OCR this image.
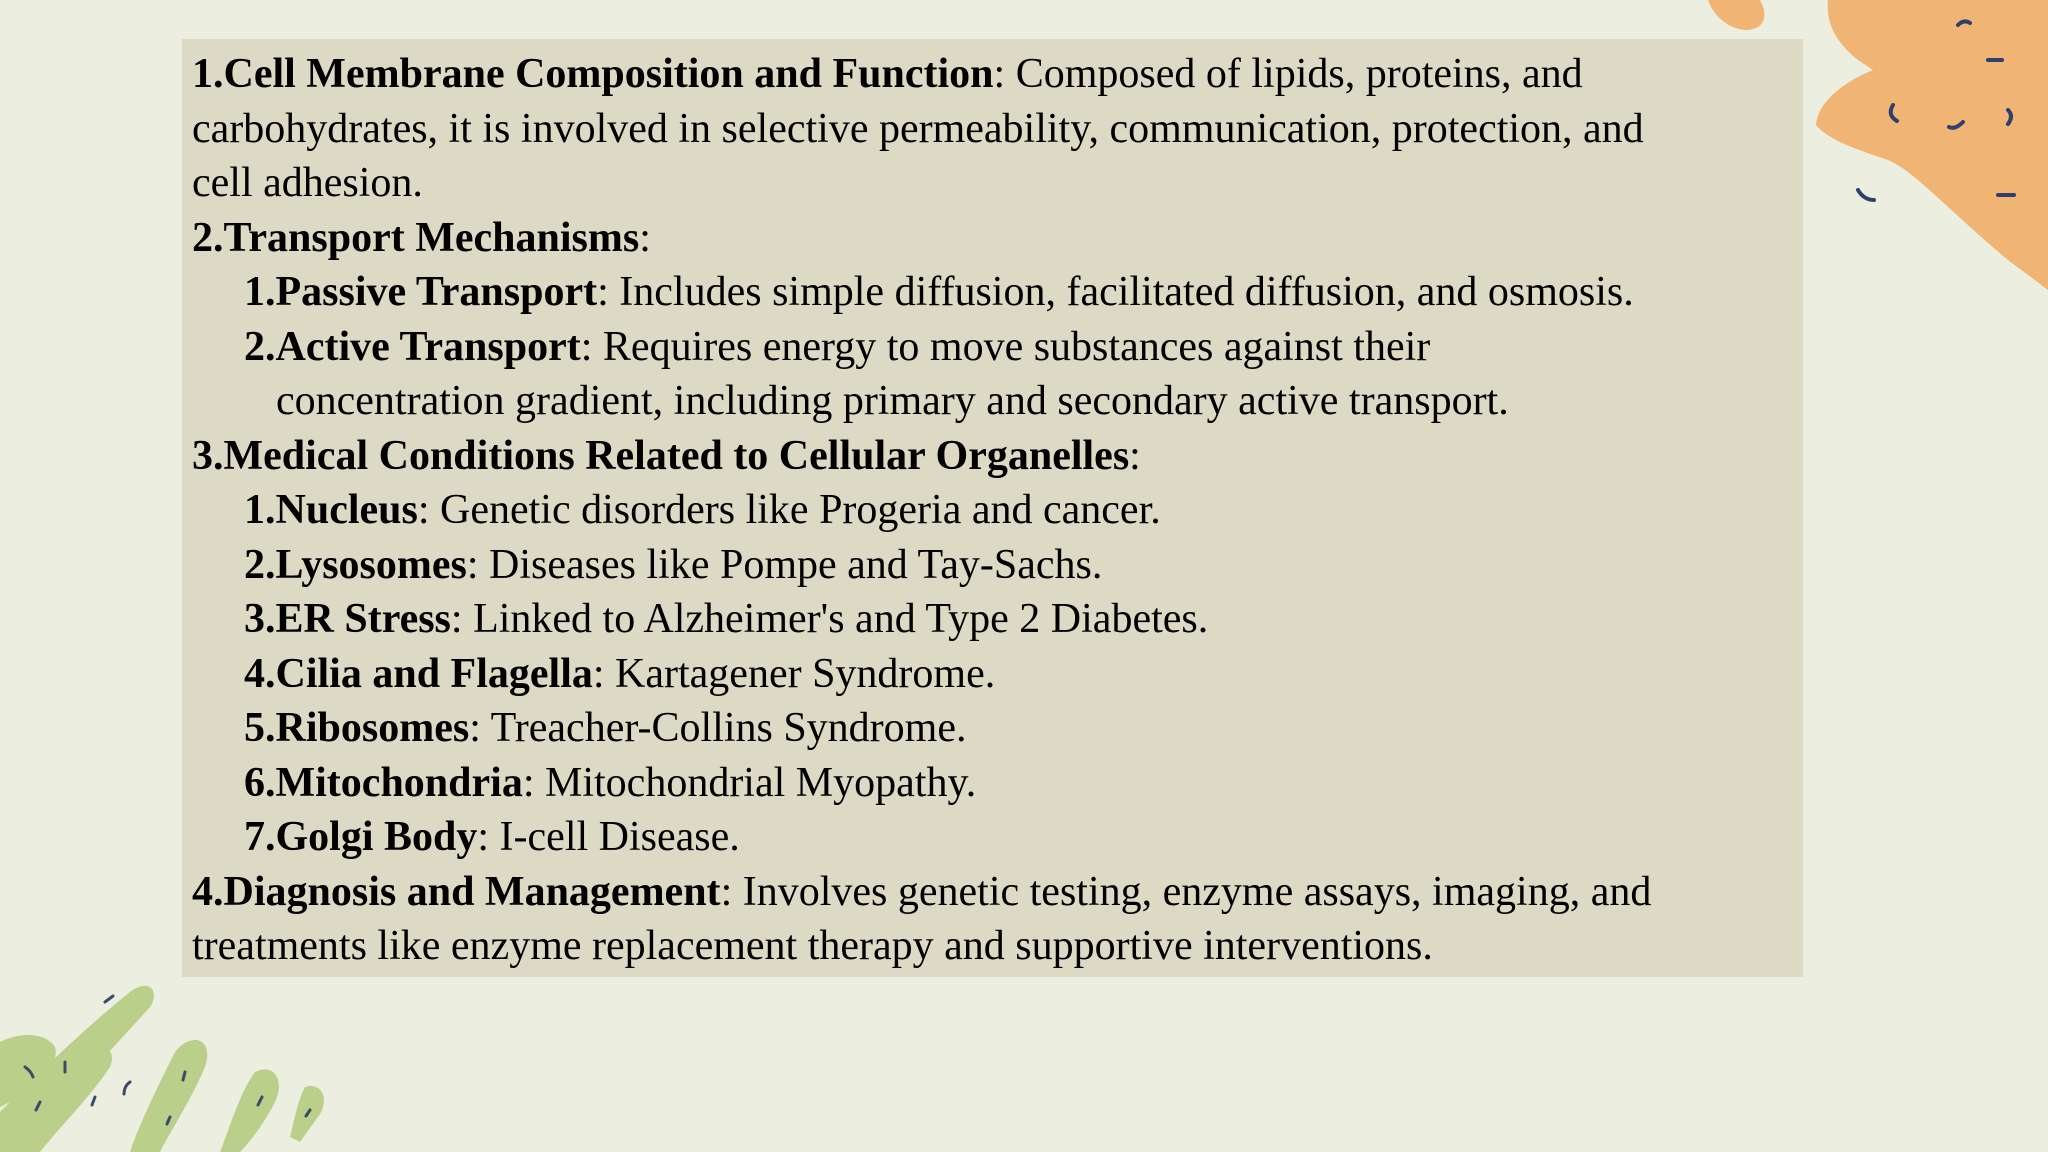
1.Cell Membrane Composition and Function: Composed of lipids, proteins, and
carbohydrates, it is involved in selective permeability, communication, protection, and
cell adhesion.
2.Transport Mechanisms:
1.Passive Transport: Includes simple diffusion, facilitated diffusion, and osmosis.
2.Active Transport: Requires energy to move substances against their
concentration gradient, including primary and secondary active transport.
3.Medical Conditions Related to Cellular Organelles:
1.Nucleus: Genetic disorders like Progeria and cancer.
2.Lysosomes: Diseases like Pompe and Tay-Sachs.
3.ER Stress: Linked to Alzheimer's and Type 2 Diabetes.
4.Cilia and Flagella: Kartagener Syndrome.
5.Ribosomes: Treacher-Collins Syndrome.
6.Mitochondria: Mitochondrial Myopathy.
7.Golgi Body: I-cell Disease.
4.Diagnosis and Management: Involves genetic testing, enzyme assays, imaging, and
treatments like enzyme replacement therapy and supportive interventions.
